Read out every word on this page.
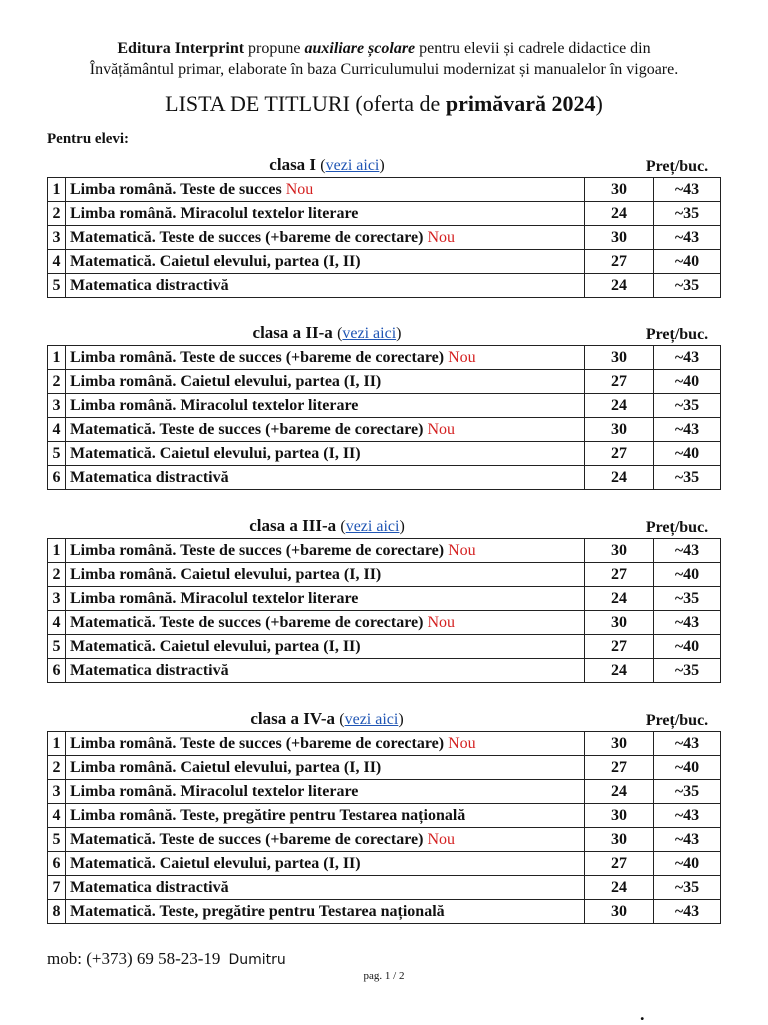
Editura Interprint propune auxiliare școlare pentru elevii și cadrele didactice din
Învățământul primar, elaborate în baza Curriculumului modernizat și manualelor în vigoare.
LISTA DE TITLURI (oferta de primăvară 2024)
Pentru elevi:
clasa I (vezi aici)	Preț/buc.
1	Limba română. Teste de succes Nou	30	~43
2	Limba română. Miracolul textelor literare	24	~35
3	Matematică. Teste de succes (+bareme de corectare) Nou	30	~43
4	Matematică. Caietul elevului, partea (I, II)	27	~40
5	Matematica distractivă	24	~35
clasa a II-a (vezi aici)	Preț/buc.
1	Limba română. Teste de succes (+bareme de corectare) Nou	30	~43
2	Limba română. Caietul elevului, partea (I, II)	27	~40
3	Limba română. Miracolul textelor literare	24	~35
4	Matematică. Teste de succes (+bareme de corectare) Nou	30	~43
5	Matematică. Caietul elevului, partea (I, II)	27	~40
6	Matematica distractivă	24	~35
clasa a III-a (vezi aici)	Preț/buc.
1	Limba română. Teste de succes (+bareme de corectare) Nou	30	~43
2	Limba română. Caietul elevului, partea (I, II)	27	~40
3	Limba română. Miracolul textelor literare	24	~35
4	Matematică. Teste de succes (+bareme de corectare) Nou	30	~43
5	Matematică. Caietul elevului, partea (I, II)	27	~40
6	Matematica distractivă	24	~35
clasa a IV-a (vezi aici)	Preț/buc.
1	Limba română. Teste de succes (+bareme de corectare) Nou	30	~43
2	Limba română. Caietul elevului, partea (I, II)	27	~40
3	Limba română. Miracolul textelor literare	24	~35
4	Limba română. Teste, pregătire pentru Testarea națională	30	~43
5	Matematică. Teste de succes (+bareme de corectare) Nou	30	~43
6	Matematică. Caietul elevului, partea (I, II)	27	~40
7	Matematica distractivă	24	~35
8	Matematică. Teste, pregătire pentru Testarea națională	30	~43
mob: (+373) 69 58-23-19 Dumitru
pag. 1 / 2
.
